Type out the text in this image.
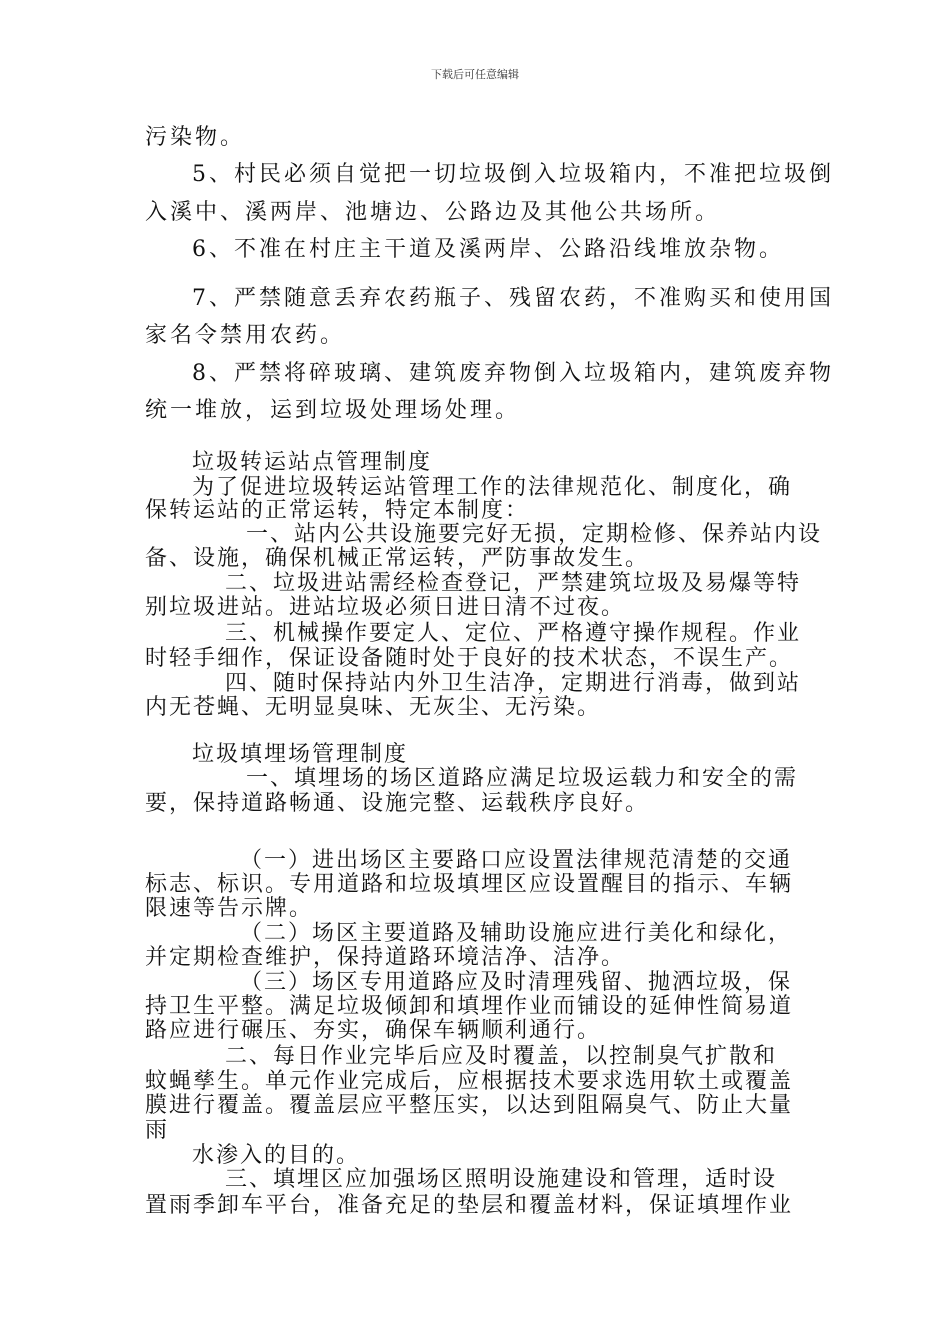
下载后可任意编辑
污染物。
5、村民必须自觉把一切垃圾倒入垃圾箱内，不准把垃圾倒
入溪中、溪两岸、池塘边、公路边及其他公共场所。
6、不准在村庄主干道及溪两岸、公路沿线堆放杂物。
7、严禁随意丢弃农药瓶子、残留农药，不准购买和使用国
家名令禁用农药。
8、严禁将碎玻璃、建筑废弃物倒入垃圾箱内，建筑废弃物
统一堆放，运到垃圾处理场处理。
垃圾转运站点管理制度
为了促进垃圾转运站管理工作的法律规范化、制度化，确
保转运站的正常运转，特定本制度：
一、站内公共设施要完好无损，定期检修、保养站内设
备、设施，确保机械正常运转，严防事故发生。
二、垃圾进站需经检查登记，严禁建筑垃圾及易爆等特
别垃圾进站。进站垃圾必须日进日清不过夜。
三、机械操作要定人、定位、严格遵守操作规程。作业
时轻手细作，保证设备随时处于良好的技术状态，不误生产。
四、随时保持站内外卫生洁净，定期进行消毒，做到站
内无苍蝇、无明显臭味、无灰尘、无污染。
垃圾填埋场管理制度
一、填埋场的场区道路应满足垃圾运载力和安全的需
要，保持道路畅通、设施完整、运载秩序良好。
（一）进出场区主要路口应设置法律规范清楚的交通
标志、标识。专用道路和垃圾填埋区应设置醒目的指示、车辆
限速等告示牌。
（二）场区主要道路及辅助设施应进行美化和绿化，
并定期检查维护，保持道路环境洁净、洁净。
（三）场区专用道路应及时清理残留、抛洒垃圾，保
持卫生平整。满足垃圾倾卸和填埋作业而铺设的延伸性简易道
路应进行碾压、夯实，确保车辆顺利通行。
二、每日作业完毕后应及时覆盖，以控制臭气扩散和
蚊蝇孳生。单元作业完成后，应根据技术要求选用软土或覆盖
膜进行覆盖。覆盖层应平整压实，以达到阻隔臭气、防止大量
雨
水渗入的目的。
三、填埋区应加强场区照明设施建设和管理，适时设
置雨季卸车平台，准备充足的垫层和覆盖材料，保证填埋作业
